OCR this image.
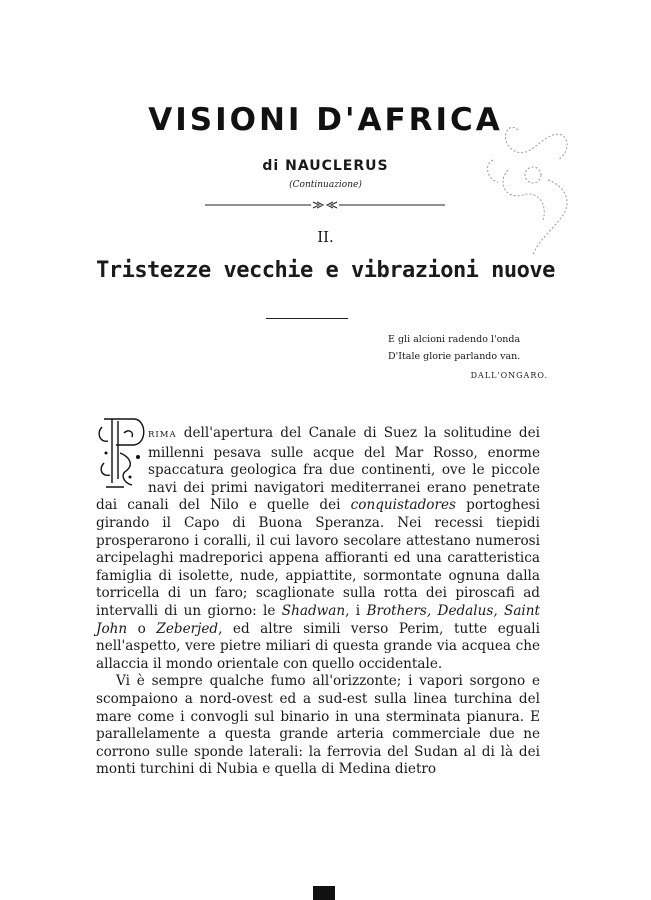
VISIONI D'AFRICA
di NAUCLERUS
(Continuazione)
II.
Tristezze vecchie e vibrazioni nuove
E gli alcioni radendo l'onda
D'Itale glorie parlando van.
DALL'ONGARO.

RIMA dell'apertura del Canale di Suez la solitudine dei millenni pesava sulle acque del Mar Rosso, enorme spaccatura geologica fra due continenti, ove le piccole navi dei primi navigatori mediterranei erano penetrate dai canali del Nilo e quelle dei conquistadores portoghesi girando il Capo di Buona Speranza. Nei recessi tiepidi prosperarono i coralli, il cui lavoro secolare attestano numerosi arcipelaghi madreporici appena affioranti ed una caratteristica famiglia di isolette, nude, appiattite, sormontate ognuna dalla torricella di un faro; scaglionate sulla rotta dei piroscafi ad intervalli di un giorno: le Shadwan, i Brothers, Dedalus, Saint John o Zeberjed, ed altre simili verso Perim, tutte eguali nell'aspetto, vere pietre miliari di questa grande via acquea che allaccia il mondo orientale con quello occidentale.

Vi è sempre qualche fumo all'orizzonte; i vapori sorgono e scompaiono a nord-ovest ed a sud-est sulla linea turchina del mare come i convogli sul binario in una sterminata pianura. E parallelamente a questa grande arteria commerciale due ne corrono sulle sponde laterali: la ferrovia del Sudan al di là dei monti turchini di Nubia e quella di Medina dietro
